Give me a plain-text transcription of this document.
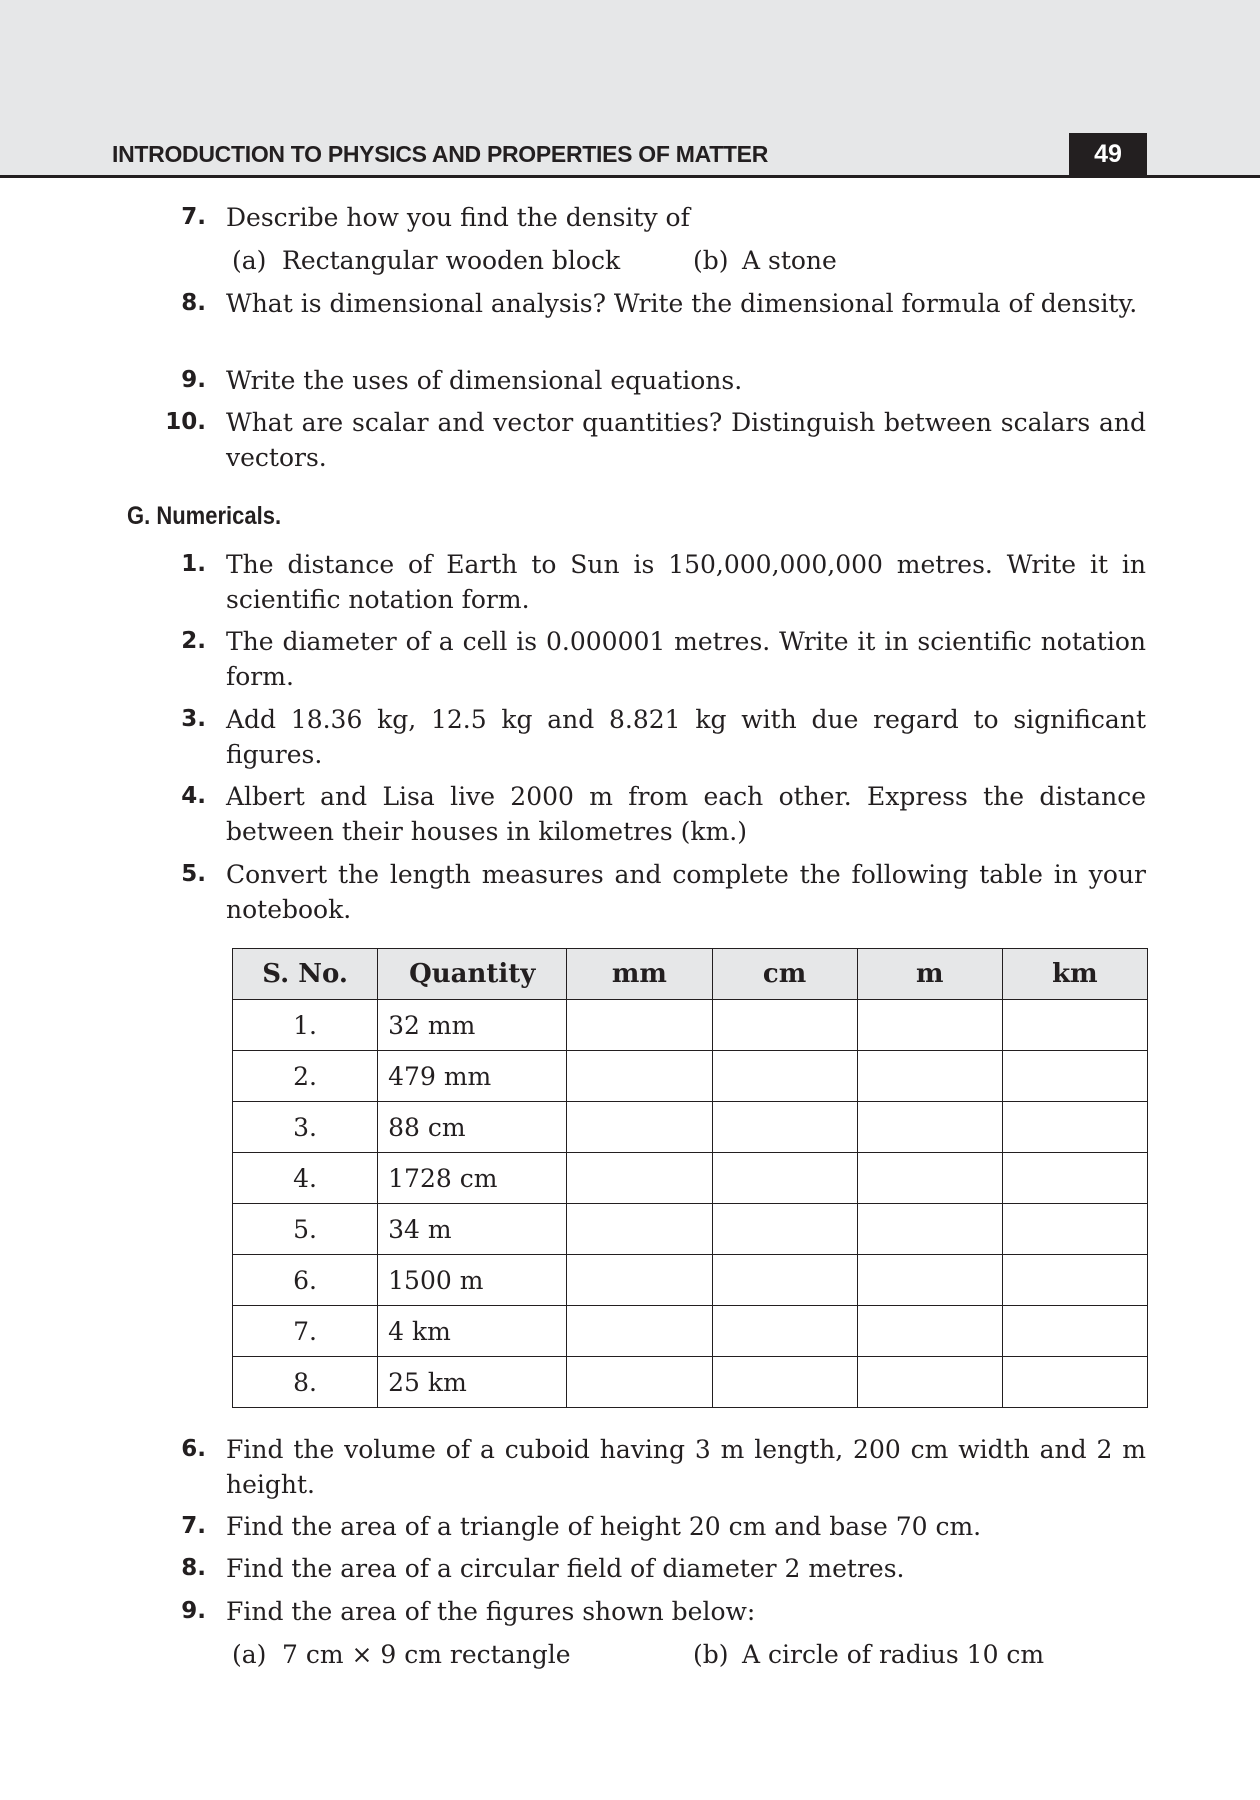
INTRODUCTION TO PHYSICS AND PROPERTIES OF MATTER	49
7. Describe how you find the density of
(a) Rectangular wooden block	(b) A stone
8. What is dimensional analysis? Write the dimensional formula of density.
9. Write the uses of dimensional equations.
10. What are scalar and vector quantities? Distinguish between scalars and vectors.
G. Numericals.
1. The distance of Earth to Sun is 150,000,000,000 metres. Write it in scientific notation form.
2. The diameter of a cell is 0.000001 metres. Write it in scientific notation form.
3. Add 18.36 kg, 12.5 kg and 8.821 kg with due regard to significant figures.
4. Albert and Lisa live 2000 m from each other. Express the distance between their houses in kilometres (km.)
5. Convert the length measures and complete the following table in your notebook.
S. No.	Quantity	mm	cm	m	km
1.	32 mm				
2.	479 mm				
3.	88 cm				
4.	1728 cm				
5.	34 m				
6.	1500 m				
7.	4 km				
8.	25 km				
6. Find the volume of a cuboid having 3 m length, 200 cm width and 2 m height.
7. Find the area of a triangle of height 20 cm and base 70 cm.
8. Find the area of a circular field of diameter 2 metres.
9. Find the area of the figures shown below:
(a) 7 cm × 9 cm rectangle	(b) A circle of radius 10 cm
